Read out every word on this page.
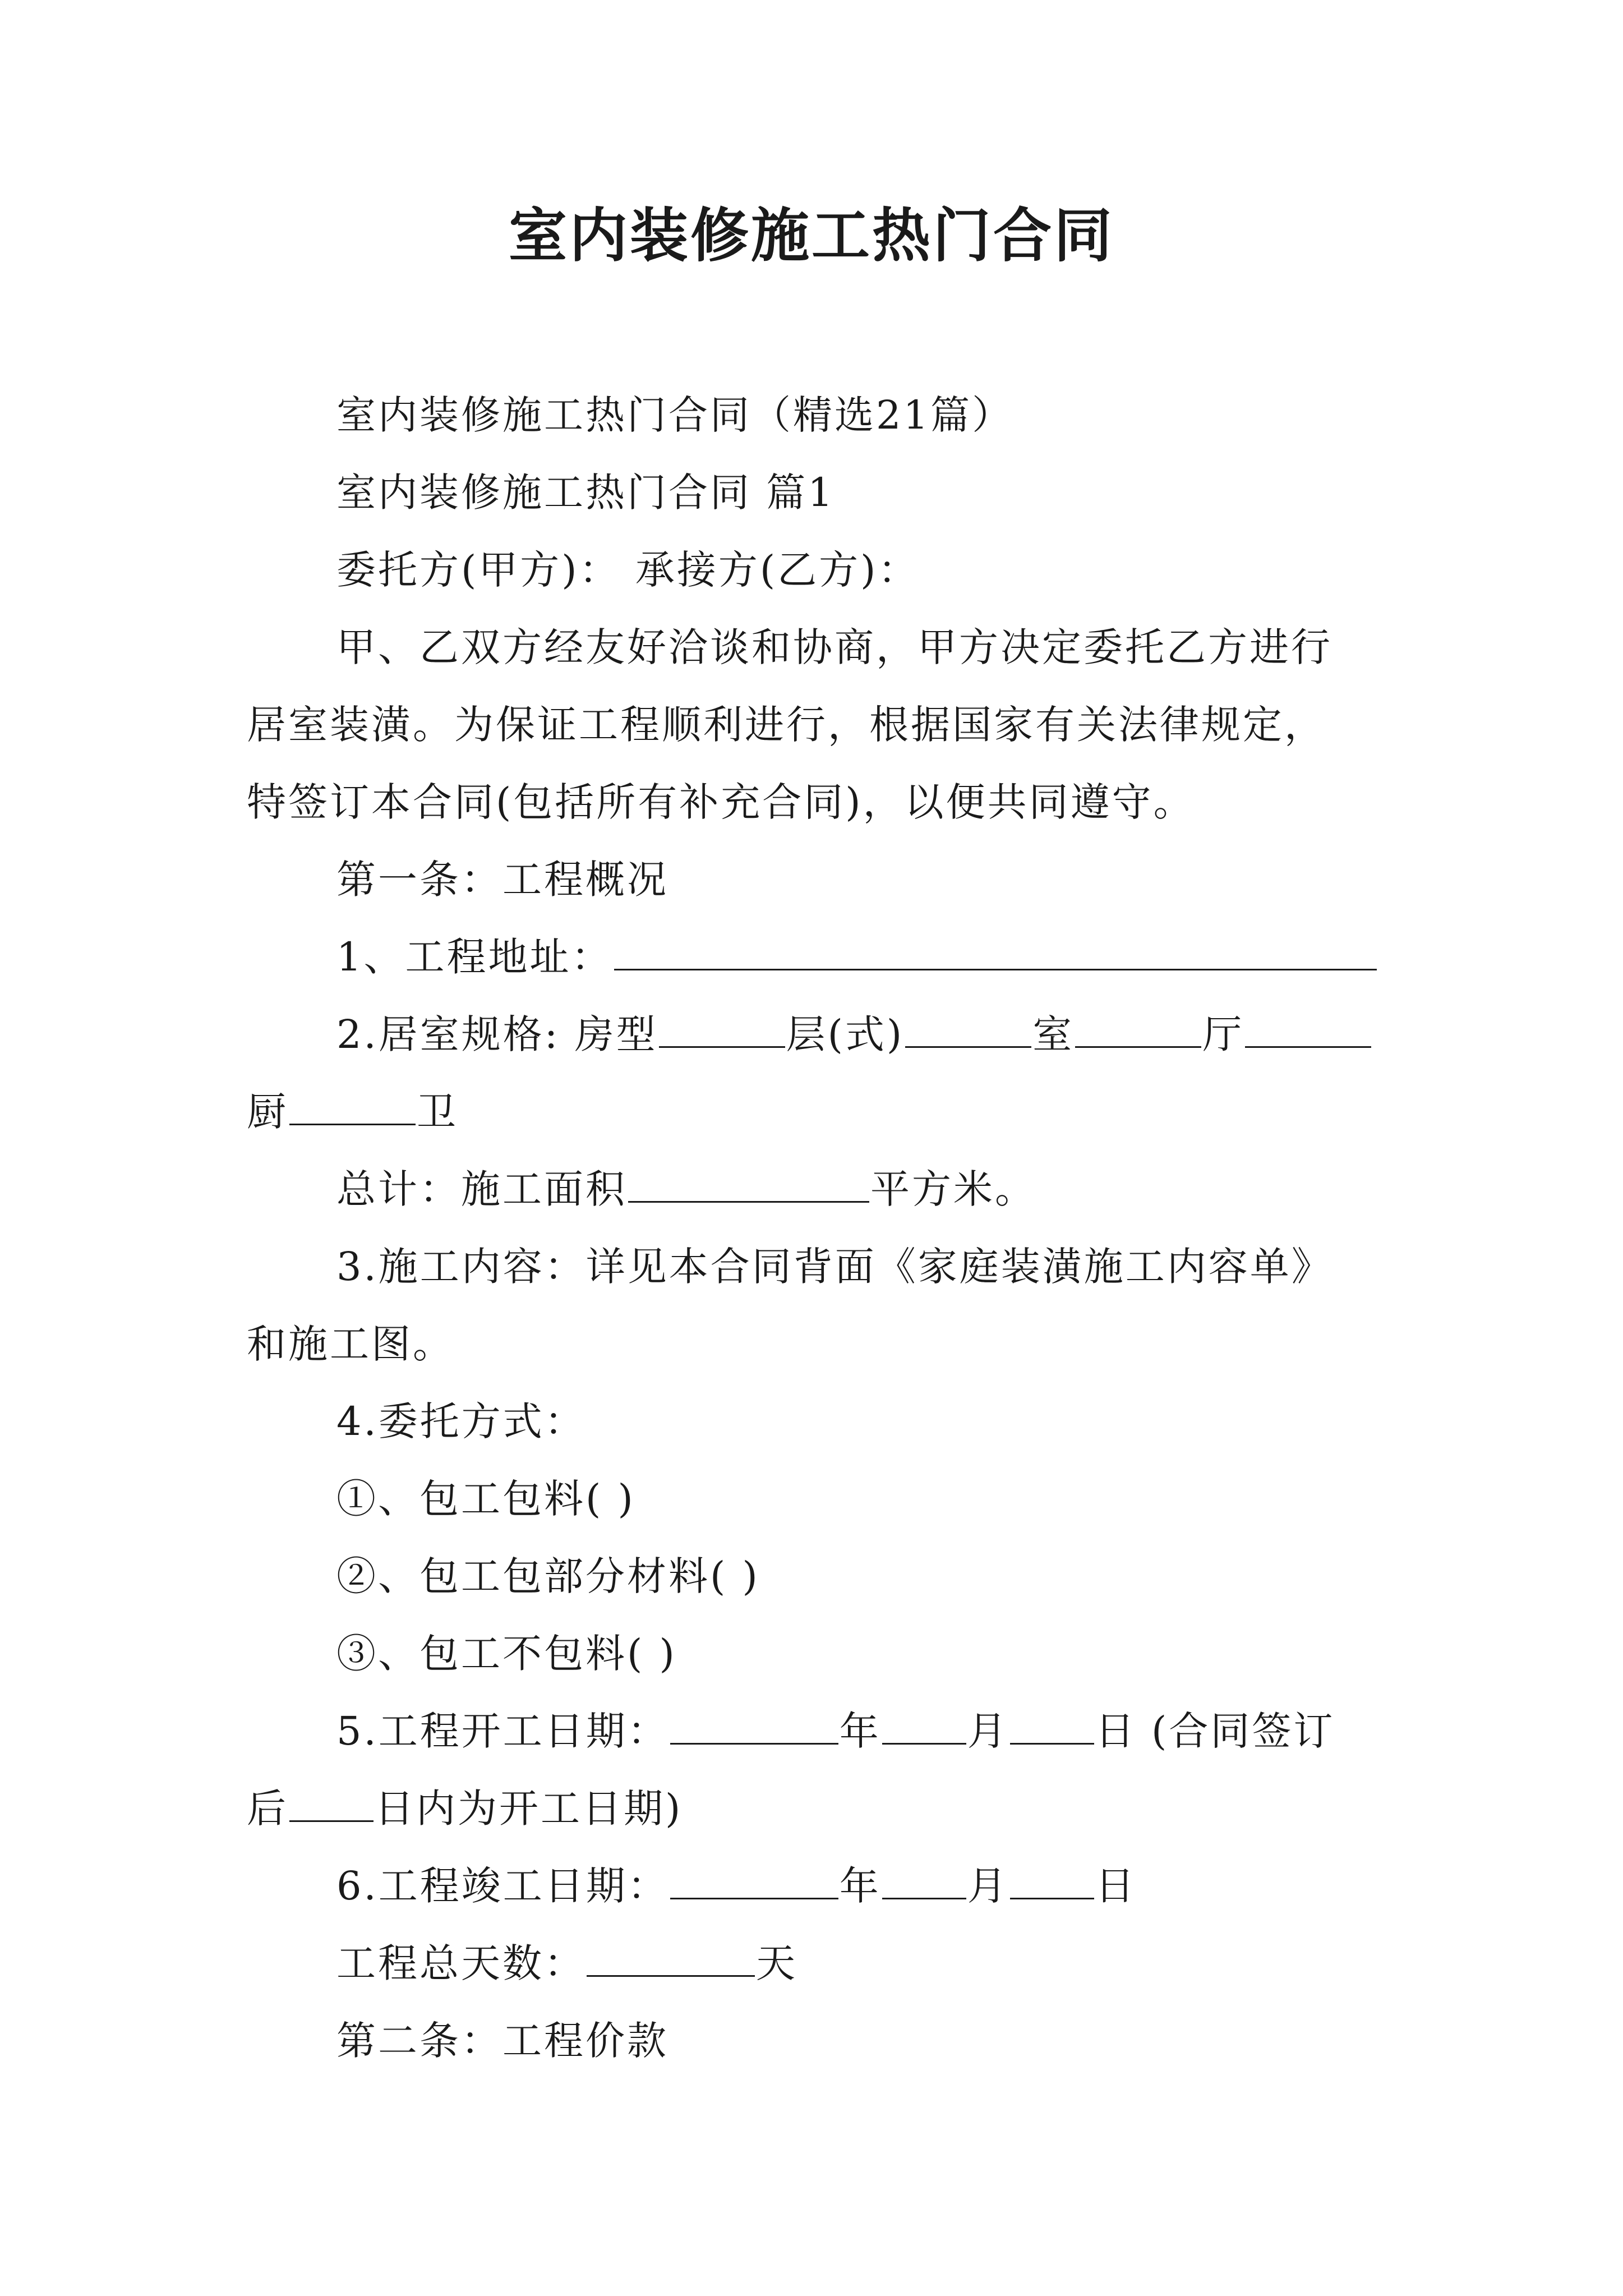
室内装修施工热门合同
室内装修施工热门合同（精选21篇）
室内装修施工热门合同 篇1
委托方(甲方)： 承接方(乙方)：
甲、乙双方经友好洽谈和协商，甲方决定委托乙方进行
居室装潢。为保证工程顺利进行，根据国家有关法律规定，
特签订本合同(包括所有补充合同)，以便共同遵守。
第一条：工程概况
1、工程地址：
2.居室规格: 房型	层(式)	室	厅
厨	卫
总计：施工面积	平方米。
3.施工内容：详见本合同背面《家庭装潢施工内容单》
和施工图。
4.委托方式：
①、包工包料( )
②、包工包部分材料( )
③、包工不包料( )
5.工程开工日期：	年 月 日 (合同签订
后 日内为开工日期)
6.工程竣工日期：	年 月 日
工程总天数：	天
第二条：工程价款
